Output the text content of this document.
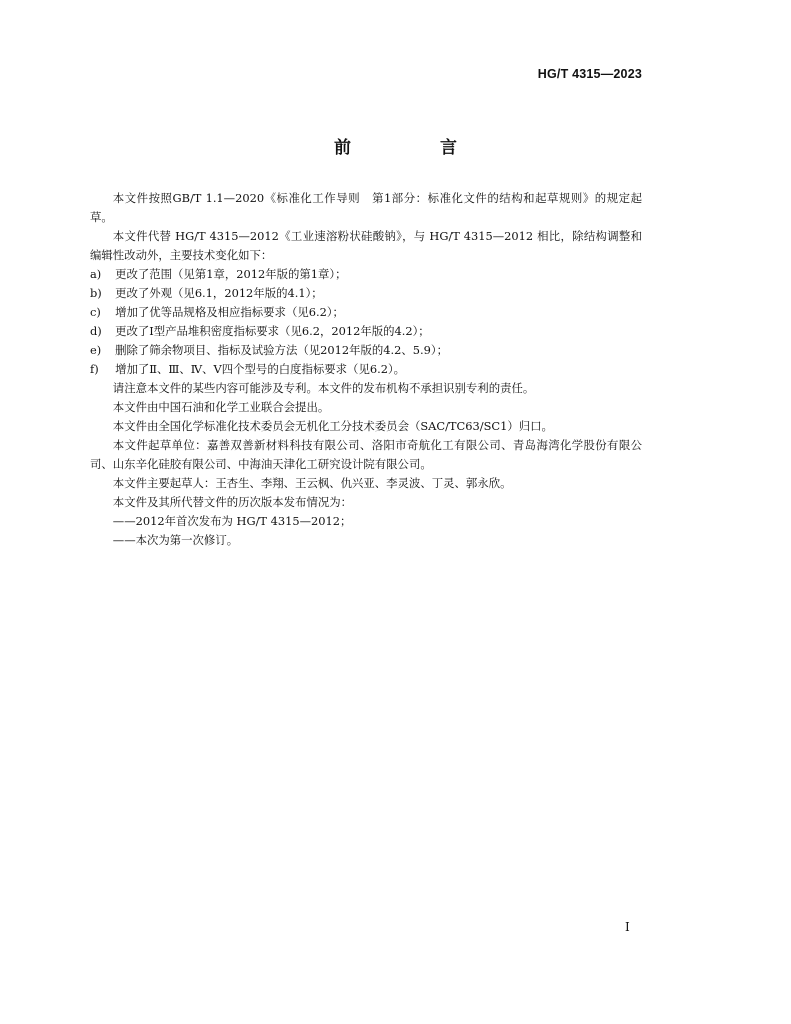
HG/T 4315—2023
前　言

本文件按照GB/T 1.1—2020《标准化工作导则　第1部分：标准化文件的结构和起草规则》的规定起草。

本文件代替 HG/T 4315—2012《工业速溶粉状硅酸钠》，与 HG/T 4315—2012 相比，除结构调整和编辑性改动外，主要技术变化如下：

a) 更改了范围（见第1章，2012年版的第1章）；

b) 更改了外观（见6.1，2012年版的4.1）；

c) 增加了优等品规格及相应指标要求（见6.2）；

d) 更改了Ⅰ型产品堆积密度指标要求（见6.2，2012年版的4.2）；

e) 删除了筛余物项目、指标及试验方法（见2012年版的4.2、5.9）；

f) 增加了Ⅱ、Ⅲ、Ⅳ、Ⅴ四个型号的白度指标要求（见6.2）。

请注意本文件的某些内容可能涉及专利。本文件的发布机构不承担识别专利的责任。

本文件由中国石油和化学工业联合会提出。

本文件由全国化学标准化技术委员会无机化工分技术委员会（SAC/TC63/SC1）归口。

本文件起草单位：嘉善双善新材料科技有限公司、洛阳市奇航化工有限公司、青岛海湾化学股份有限公司、山东辛化硅胶有限公司、中海油天津化工研究设计院有限公司。

本文件主要起草人：王杏生、李翔、王云枫、仇兴亚、李灵波、丁灵、郭永欣。

本文件及其所代替文件的历次版本发布情况为：

——2012年首次发布为 HG/T 4315—2012；

——本次为第一次修订。

I
